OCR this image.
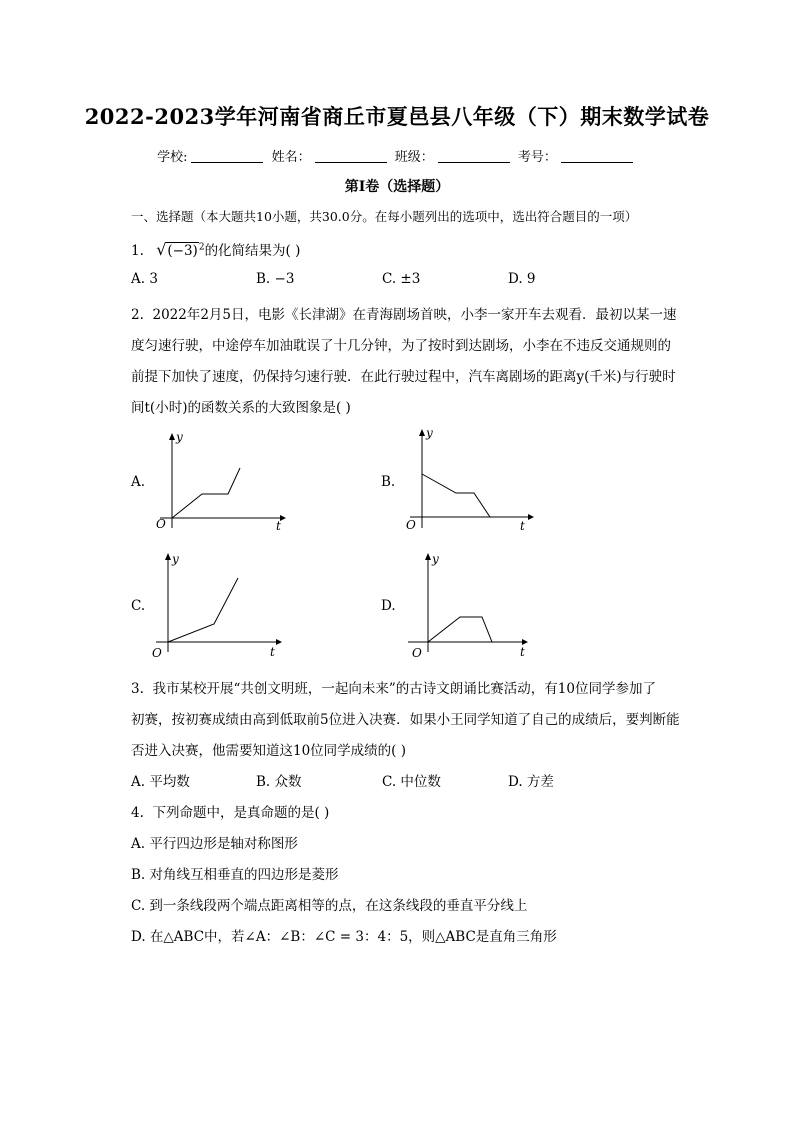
2022-2023学年河南省商丘市夏邑县八年级（下）期末数学试卷
学校:	姓名：	班级：	考号：
第Ⅰ卷（选择题）
一、选择题（本大题共10小题，共30.0分。在每小题列出的选项中，选出符合题目的一项）
1. $√(-3)^2$的化简结果为( )
A. 3	B. −3	C. ±3	D. 9
2. 2022年2月5日，电影《长津湖》在青海剧场首映，小李一家开车去观看．最初以某一速
度匀速行驶，中途停车加油耽误了十几分钟，为了按时到达剧场，小李在不违反交通规则的
前提下加快了速度，仍保持匀速行驶．在此行驶过程中，汽车离剧场的距离y(千米)与行驶时
间t(小时)的函数关系的大致图象是( )
A.	B.
C.	D.
y
t
O
y
t
O
y
t
O
y
t
O
3. 我市某校开展“共创文明班，一起向未来”的古诗文朗诵比赛活动，有10位同学参加了
初赛，按初赛成绩由高到低取前5位进入决赛．如果小王同学知道了自己的成绩后，要判断能
否进入决赛，他需要知道这10位同学成绩的( )
A. 平均数	B. 众数	C. 中位数	D. 方差
4. 下列命题中，是真命题的是( )
A. 平行四边形是轴对称图形
B. 对角线互相垂直的四边形是菱形
C. 到一条线段两个端点距离相等的点，在这条线段的垂直平分线上
D. 在△ABC中，若∠A：∠B：∠C = 3：4：5，则△ABC是直角三角形
